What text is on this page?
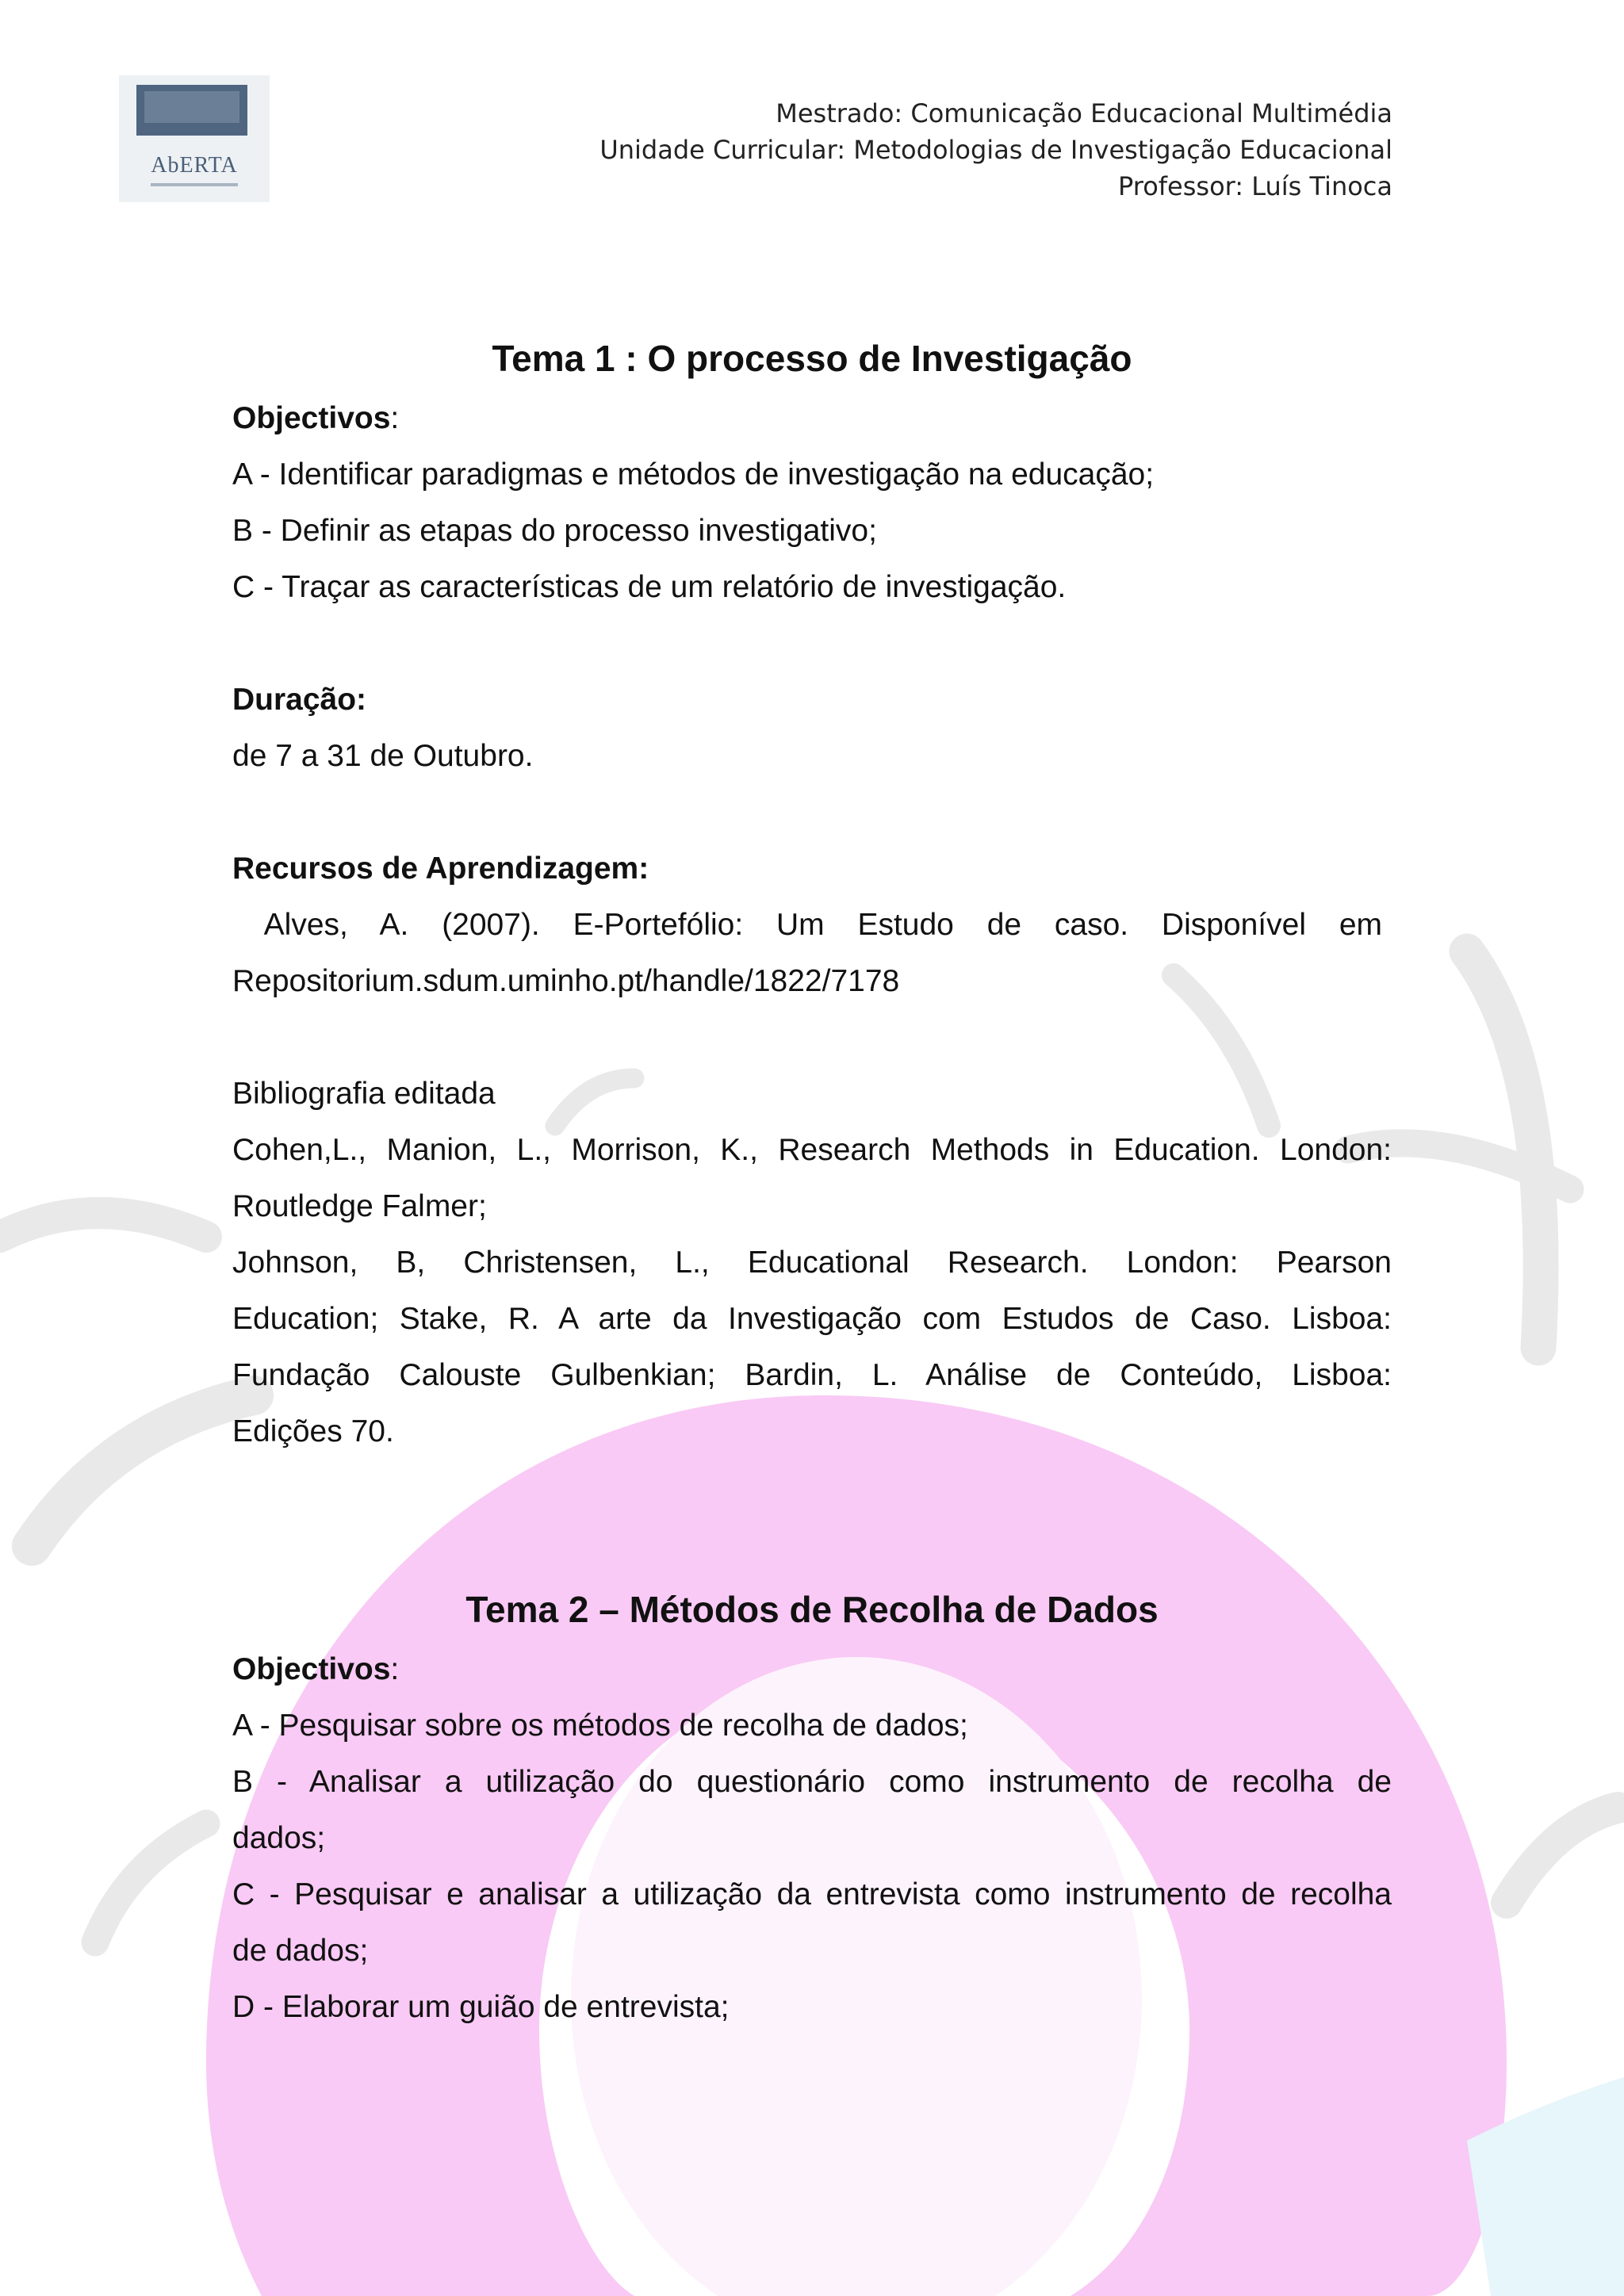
AbERTA
Mestrado: Comunicação Educacional Multimédia
Unidade Curricular: Metodologias de Investigação Educacional
Professor: Luís Tinoca
Tema 1 : O processo de Investigação
Objectivos:
A - Identificar paradigmas e métodos de investigação na educação;
B - Definir as etapas do processo investigativo;
C - Traçar as características de um relatório de investigação.
Duração:
de 7 a 31 de Outubro.
Recursos de Aprendizagem:
Alves, A. (2007). E-Portefólio: Um Estudo de caso. Disponível em
Repositorium.sdum.uminho.pt/handle/1822/7178
Bibliografia editada
Cohen,L., Manion, L., Morrison, K., Research Methods in Education. London:
Routledge Falmer;
Johnson, B, Christensen, L., Educational Research. London: Pearson
Education; Stake, R. A arte da Investigação com Estudos de Caso. Lisboa:
Fundação Calouste Gulbenkian; Bardin, L. Análise de Conteúdo, Lisboa:
Edições 70.
Tema 2 – Métodos de Recolha de Dados
Objectivos:
A - Pesquisar sobre os métodos de recolha de dados;
B - Analisar a utilização do questionário como instrumento de recolha de
dados;
C - Pesquisar e analisar a utilização da entrevista como instrumento de recolha
de dados;
D - Elaborar um guião de entrevista;
